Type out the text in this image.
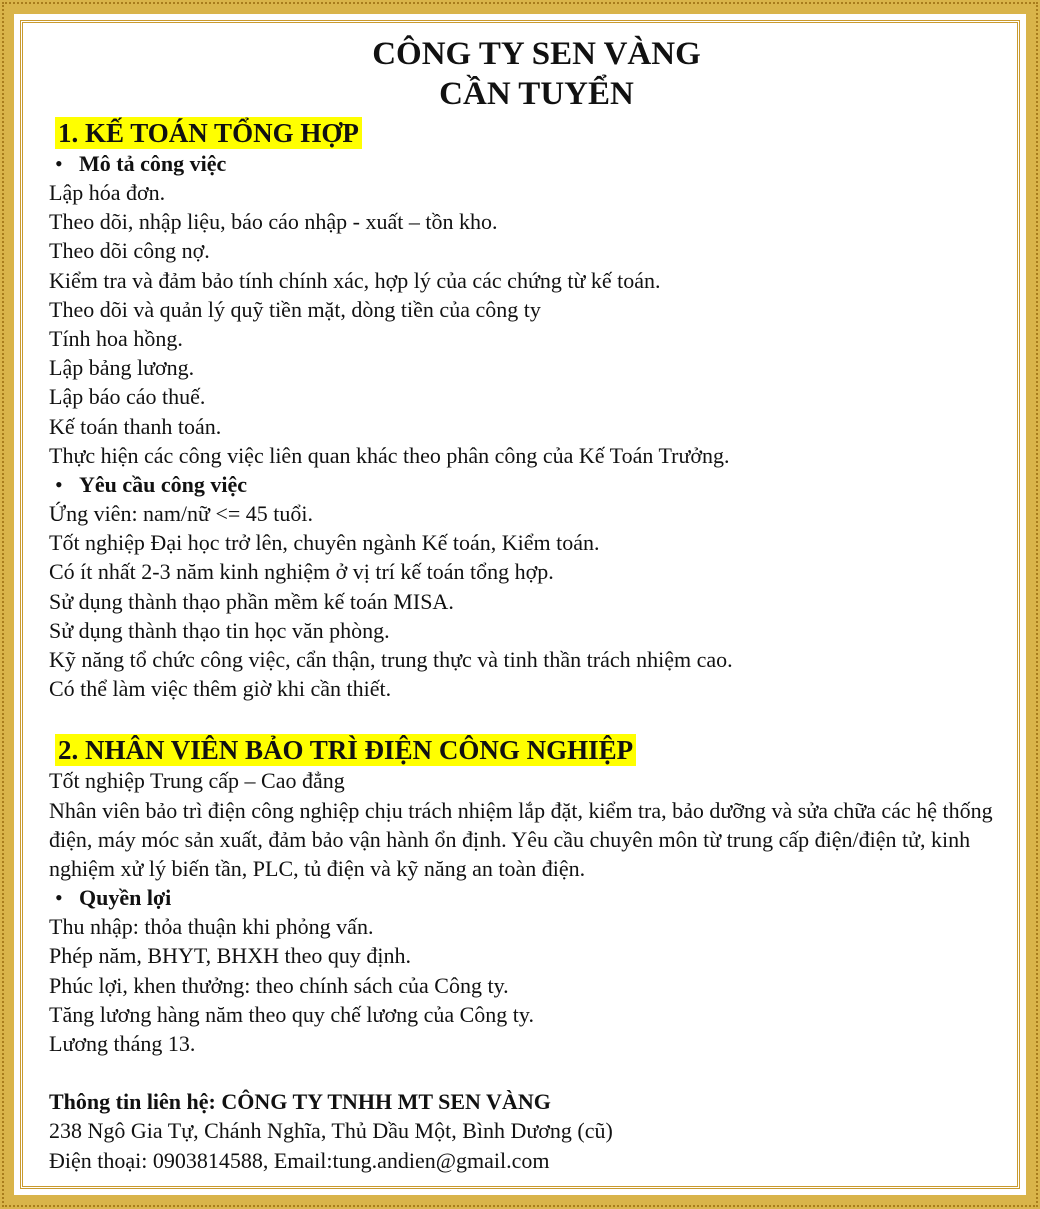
CÔNG TY SEN VÀNG
CẦN TUYỂN
1. KẾ TOÁN TỔNG HỢP

• Mô tả công việc

Lập hóa đơn.

Theo dõi, nhập liệu, báo cáo nhập - xuất – tồn kho.

Theo dõi công nợ.

Kiểm tra và đảm bảo tính chính xác, hợp lý của các chứng từ kế toán.

Theo dõi và quản lý quỹ tiền mặt, dòng tiền của công ty

Tính hoa hồng.

Lập bảng lương.

Lập báo cáo thuế.

Kế toán thanh toán.

Thực hiện các công việc liên quan khác theo phân công của Kế Toán Trưởng.

• Yêu cầu công việc

Ứng viên: nam/nữ <= 45 tuổi.

Tốt nghiệp Đại học trở lên, chuyên ngành Kế toán, Kiểm toán.

Có ít nhất 2-3 năm kinh nghiệm ở vị trí kế toán tổng hợp.

Sử dụng thành thạo phần mềm kế toán MISA.

Sử dụng thành thạo tin học văn phòng.

Kỹ năng tổ chức công việc, cẩn thận, trung thực và tinh thần trách nhiệm cao.

Có thể làm việc thêm giờ khi cần thiết.

2. NHÂN VIÊN BẢO TRÌ ĐIỆN CÔNG NGHIỆP

Tốt nghiệp Trung cấp – Cao đẳng

Nhân viên bảo trì điện công nghiệp chịu trách nhiệm lắp đặt, kiểm tra, bảo dưỡng và sửa chữa các hệ thống điện, máy móc sản xuất, đảm bảo vận hành ổn định. Yêu cầu chuyên môn từ trung cấp điện/điện tử, kinh nghiệm xử lý biến tần, PLC, tủ điện và kỹ năng an toàn điện.

• Quyền lợi

Thu nhập: thỏa thuận khi phỏng vấn.

Phép năm, BHYT, BHXH theo quy định.

Phúc lợi, khen thưởng: theo chính sách của Công ty.

Tăng lương hàng năm theo quy chế lương của Công ty.

Lương tháng 13.

Thông tin liên hệ: CÔNG TY TNHH MT SEN VÀNG

238 Ngô Gia Tự, Chánh Nghĩa, Thủ Dầu Một, Bình Dương (cũ)

Điện thoại: 0903814588, Email:tung.andien@gmail.com
